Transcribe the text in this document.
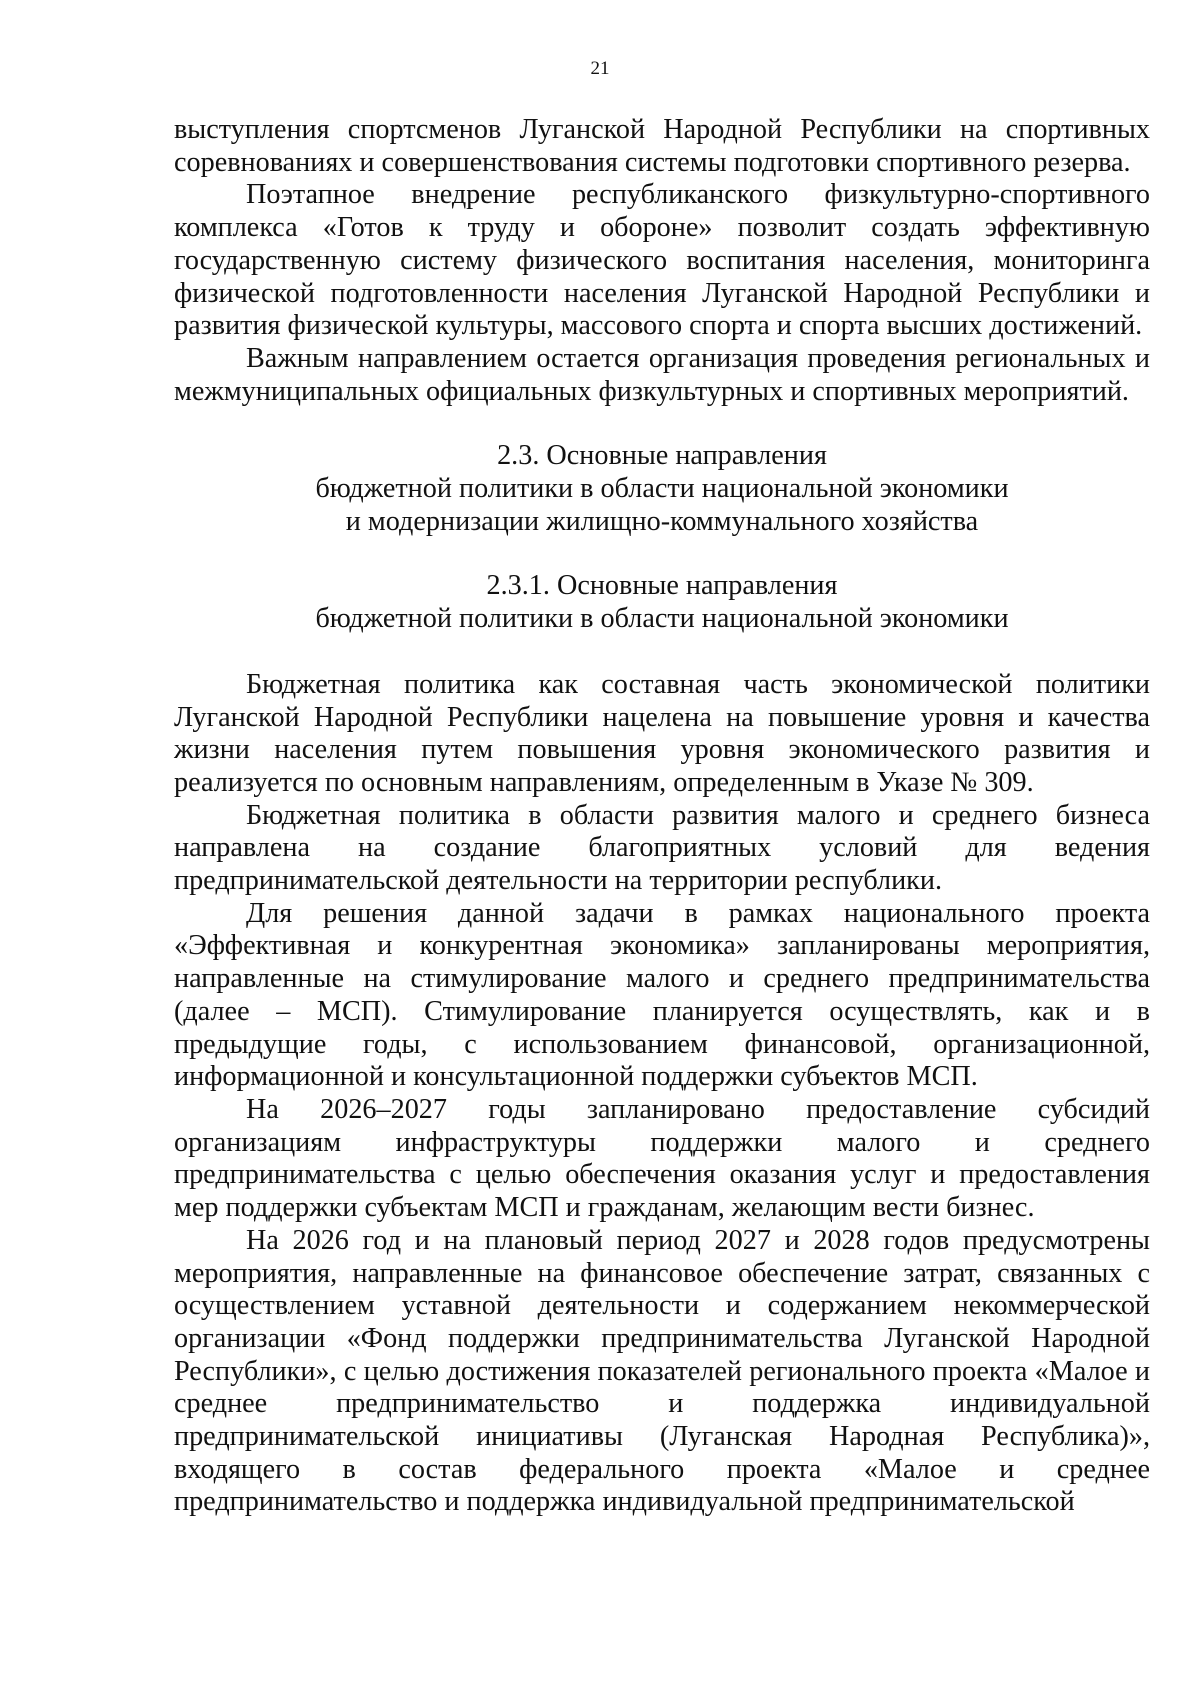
21

выступления спортсменов Луганской Народной Республики на спортивных соревнованиях и совершенствования системы подготовки спортивного резерва.

Поэтапное внедрение республиканского физкультурно-спортивного комплекса «Готов к труду и обороне» позволит создать эффективную государственную систему физического воспитания населения, мониторинга физической подготовленности населения Луганской Народной Республики и развития физической культуры, массового спорта и спорта высших достижений.

Важным направлением остается организация проведения региональных и межмуниципальных официальных физкультурных и спортивных мероприятий.

2.3. Основные направления
бюджетной политики в области национальной экономики
и модернизации жилищно-коммунального хозяйства
2.3.1. Основные направления
бюджетной политики в области национальной экономики

Бюджетная политика как составная часть экономической политики Луганской Народной Республики нацелена на повышение уровня и качества жизни населения путем повышения уровня экономического развития и реализуется по основным направлениям, определенным в Указе № 309.

Бюджетная политика в области развития малого и среднего бизнеса направлена на создание благоприятных условий для ведения предпринимательской деятельности на территории республики.

Для решения данной задачи в рамках национального проекта «Эффективная и конкурентная экономика» запланированы мероприятия, направленные на стимулирование малого и среднего предпринимательства (далее – МСП). Стимулирование планируется осуществлять, как и в предыдущие годы, с использованием финансовой, организационной, информационной и консультационной поддержки субъектов МСП.

На 2026–2027 годы запланировано предоставление субсидий организациям инфраструктуры поддержки малого и среднего предпринимательства с целью обеспечения оказания услуг и предоставления мер поддержки субъектам МСП и гражданам, желающим вести бизнес.

На 2026 год и на плановый период 2027 и 2028 годов предусмотрены мероприятия, направленные на финансовое обеспечение затрат, связанных с осуществлением уставной деятельности и содержанием некоммерческой организации «Фонд поддержки предпринимательства Луганской Народной Республики», с целью достижения показателей регионального проекта «Малое и среднее предпринимательство и поддержка индивидуальной предпринимательской инициативы (Луганская Народная Республика)», входящего в состав федерального проекта «Малое и среднее предпринимательство и поддержка индивидуальной предпринимательской
